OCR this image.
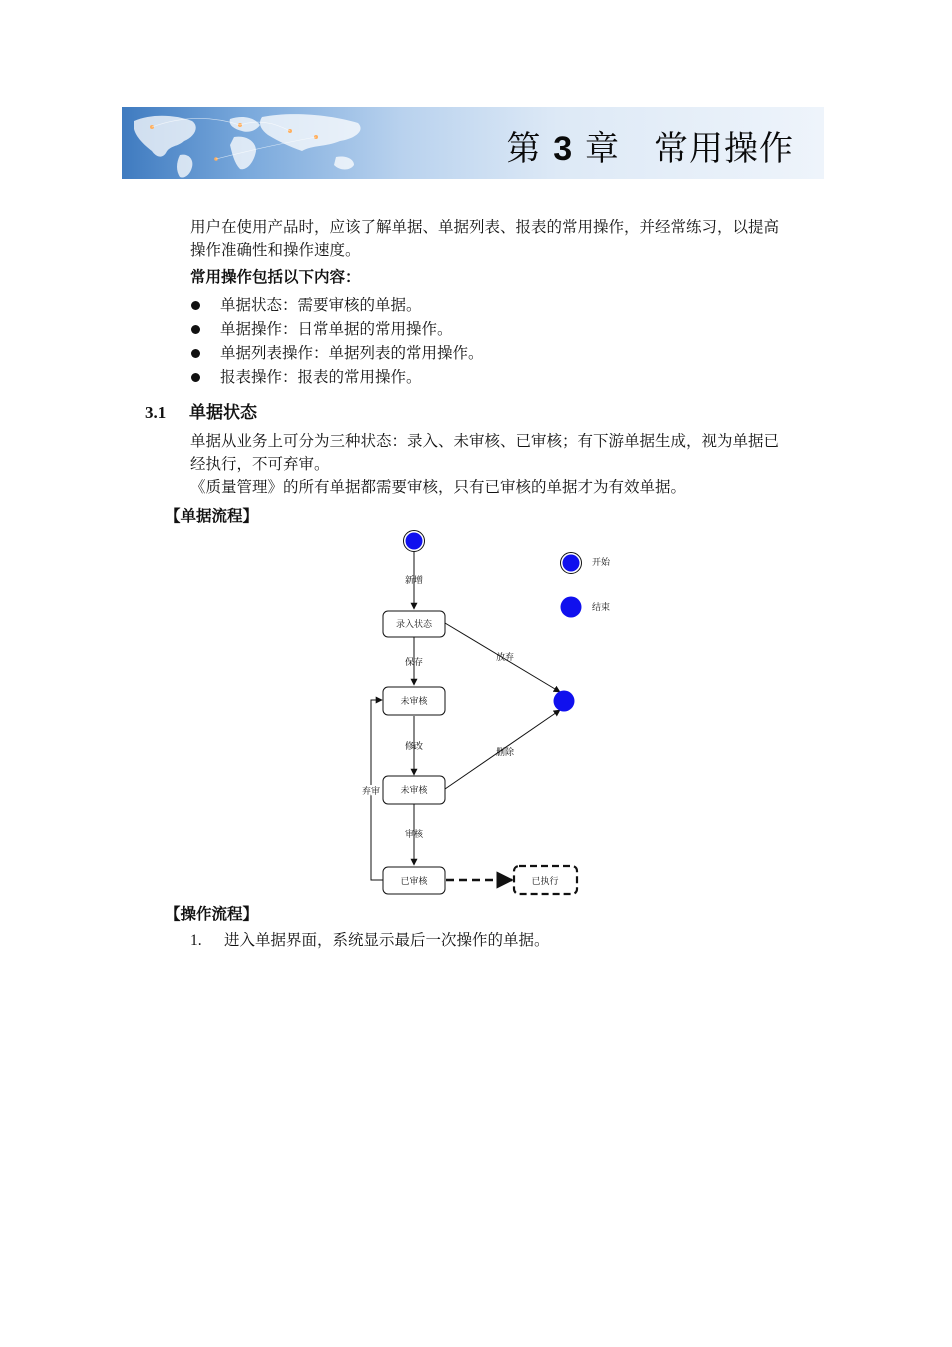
第 3 章 常用操作
用户在使用产品时，应该了解单据、单据列表、报表的常用操作，并经常练习，以提高操作准确性和操作速度。
常用操作包括以下内容：
单据状态：需要审核的单据。
单据操作：日常单据的常用操作。
单据列表操作：单据列表的常用操作。
报表操作：报表的常用操作。
3.1 单据状态
单据从业务上可分为三种状态：录入、未审核、已审核；有下游单据生成，视为单据已经执行，不可弃审。
《质量管理》的所有单据都需要审核，只有已审核的单据才为有效单据。
【单据流程】
开始
结束
录入状态
未审核
未审核
已审核	已执行
新增
保存	放弃
修改
删除
弃审
审核
【操作流程】
1. 进入单据界面，系统显示最后一次操作的单据。
